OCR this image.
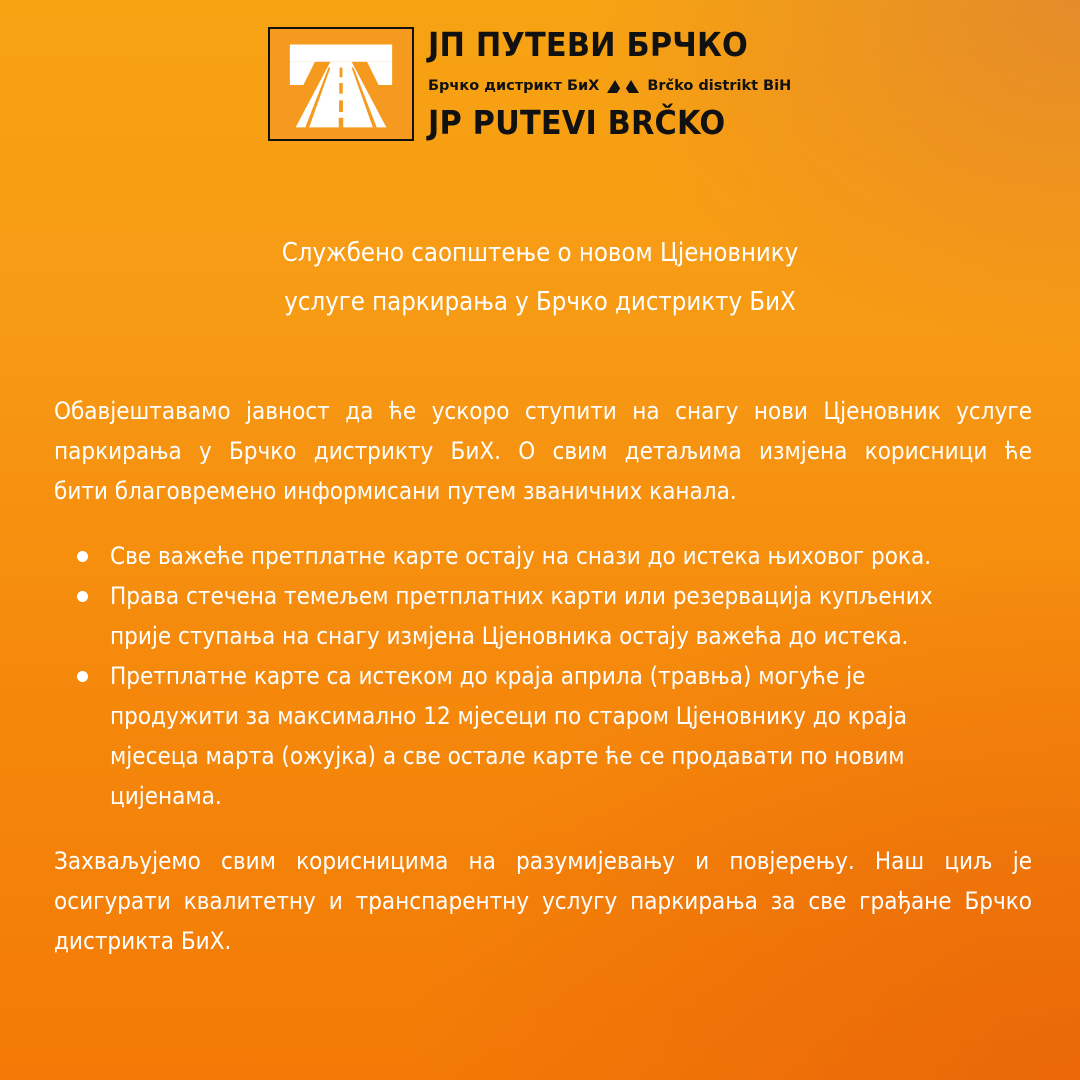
ЈП ПУТЕВИ БРЧКО
Брчко дистрикт БиХ	Brčko distrikt BiH
JP PUTEVI BRČKO
Службено саопштење о новом Цјеновнику
услуге паркирања у Брчко дистрикту БиХ
Обавјештавамо јавност да ће ускоро ступити на снагу нови Цјеновник услуге
паркирања у Брчко дистрикту БиХ. О свим детаљима измјена корисници ће
бити благовремено информисани путем званичних канала.
Све важеће претплатне карте остају на снази до истека њиховог рока.
Права стечена темељем претплатних карти или резервација купљених
прије ступања на снагу измјена Цјеновника остају важећа до истека.
Претплатне карте са истеком до краја априла (травња) могуће је
продужити за максимално 12 мјесеци по старом Цјеновнику до краја
мјесеца марта (ожујка) а све остале карте ће се продавати по новим
цијенама.
Захваљујемо свим корисницима на разумијевању и повјерењу. Наш циљ је
осигурати квалитетну и транспарентну услугу паркирања за све грађане Брчко
дистрикта БиХ.
